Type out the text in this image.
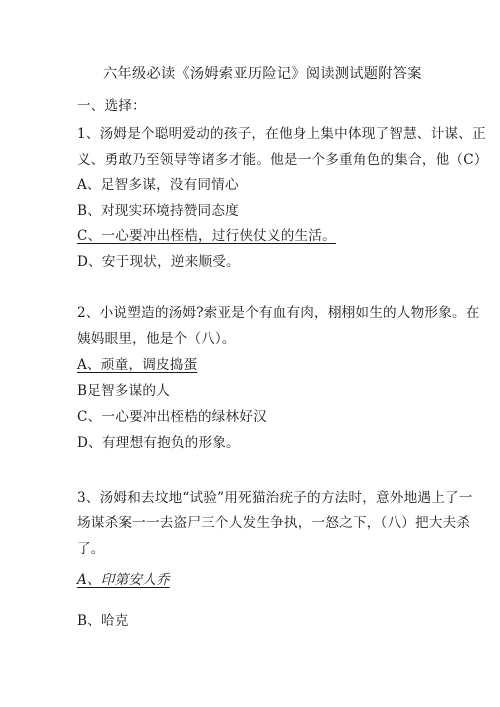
六年级必读《汤姆索亚历险记》阅读测试题附答案
一、选择：
1、汤姆是个聪明爱动的孩子，在他身上集中体现了智慧、计谋、正
义、勇敢乃至领导等诸多才能。他是一个多重角色的集合，他（C）
A、足智多谋，没有同情心
B、对现实环境持赞同态度
C、一心要冲出桎梏，过行侠仗义的生活。
D、安于现状，逆来顺受。
2、小说塑造的汤姆?索亚是个有血有肉，栩栩如生的人物形象。在
姨妈眼里，他是个（八）。
A、顽童，调皮捣蛋
B足智多谋的人
C、一心要冲出桎梏的绿林好汉
D、有理想有抱负的形象。
3、汤姆和去坟地“试验”用死猫治疣子的方法时，意外地遇上了一
场谋杀案一一去盗尸三个人发生争执，一怒之下，（八）把大夫杀
了。
A、印第安人乔
B、哈克
